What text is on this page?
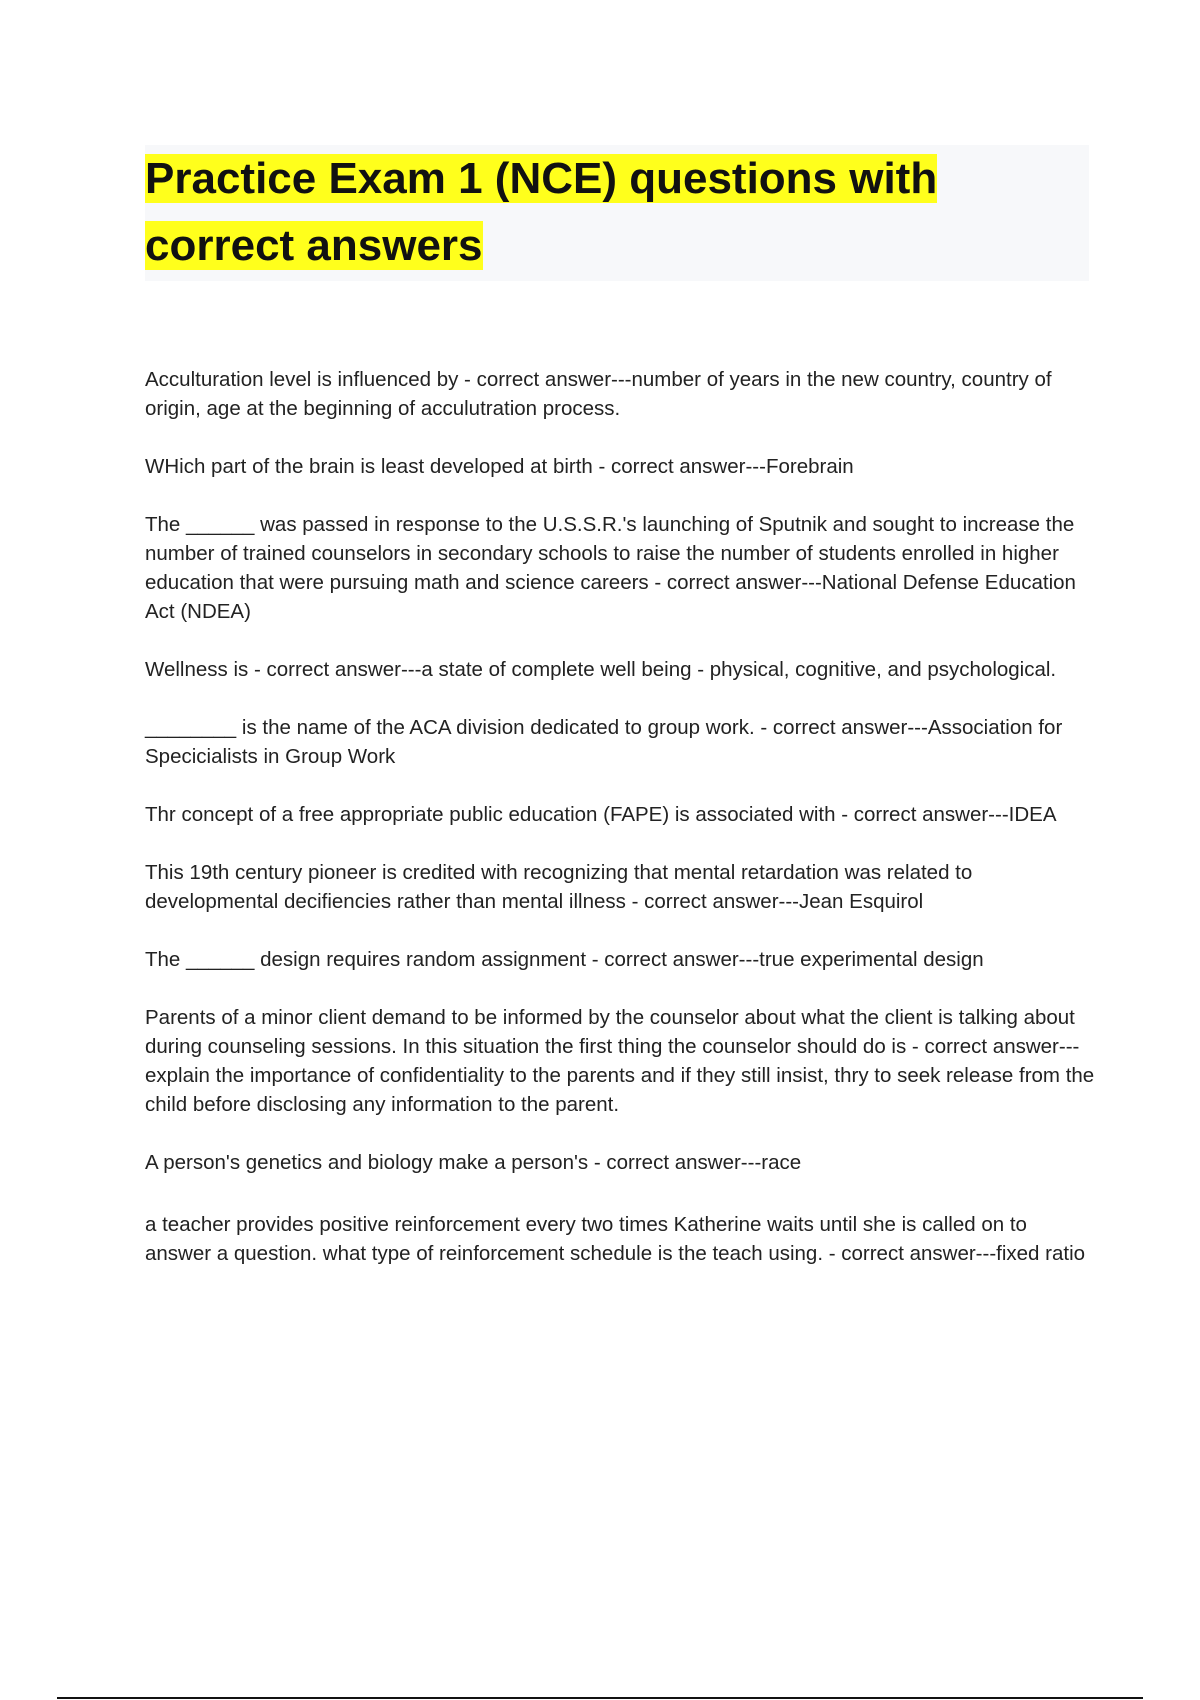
Practice Exam 1 (NCE) questions with correct answers

Acculturation level is influenced by - correct answer---number of years in the new country, country of origin, age at the beginning of acculutration process.

WHich part of the brain is least developed at birth - correct answer---Forebrain

The ______ was passed in response to the U.S.S.R.'s launching of Sputnik and sought to increase the number of trained counselors in secondary schools to raise the number of students enrolled in higher education that were pursuing math and science careers - correct answer---National Defense Education Act (NDEA)

Wellness is - correct answer---a state of complete well being - physical, cognitive, and psychological.

________ is the name of the ACA division dedicated to group work. - correct answer---Association for Specicialists in Group Work

Thr concept of a free appropriate public education (FAPE) is associated with - correct answer---IDEA

This 19th century pioneer is credited with recognizing that mental retardation was related to developmental decifiencies rather than mental illness - correct answer---Jean Esquirol

The ______ design requires random assignment - correct answer---true experimental design

Parents of a minor client demand to be informed by the counselor about what the client is talking about during counseling sessions. In this situation the first thing the counselor should do is - correct answer---explain the importance of confidentiality to the parents and if they still insist, thry to seek release from the child before disclosing any information to the parent.

A person's genetics and biology make a person's - correct answer---race

a teacher provides positive reinforcement every two times Katherine waits until she is called on to answer a question. what type of reinforcement schedule is the teach using. - correct answer---fixed ratio
